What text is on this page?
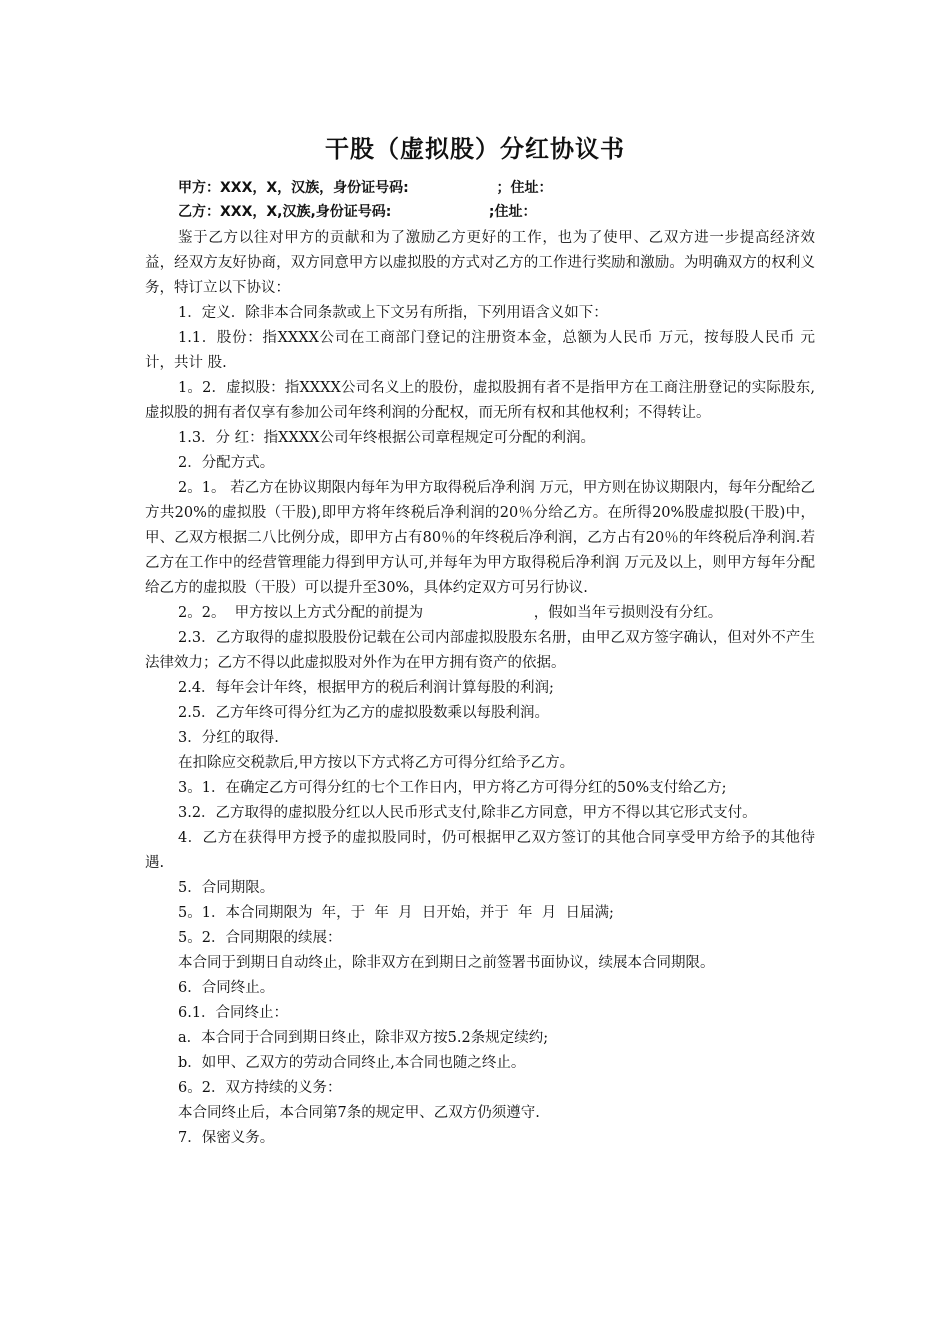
干股（虚拟股）分红协议书
甲方：XXX，X，汉族，身份证号码:                  ；住址：
乙方：XXX，X,汉族,身份证号码:                    ;住址：

鉴于乙方以往对甲方的贡献和为了激励乙方更好的工作，也为了使甲、乙双方进一步提高经济效益，经双方友好协商，双方同意甲方以虚拟股的方式对乙方的工作进行奖励和激励。为明确双方的权利义务，特订立以下协议：

1．定义．除非本合同条款或上下文另有所指，下列用语含义如下：

1.1．股份：指XXXX公司在工商部门登记的注册资本金，总额为人民币 万元，按每股人民币 元计，共计 股.

1。2．虚拟股：指XXXX公司名义上的股份，虚拟股拥有者不是指甲方在工商注册登记的实际股东,虚拟股的拥有者仅享有参加公司年终利润的分配权，而无所有权和其他权利；不得转让。

1.3．分 红：指XXXX公司年终根据公司章程规定可分配的利润。

2．分配方式。

2。1。 若乙方在协议期限内每年为甲方取得税后净利润 万元，甲方则在协议期限内，每年分配给乙方共20%的虚拟股（干股),即甲方将年终税后净利润的20％分给乙方。在所得20%股虚拟股(干股)中，甲、乙双方根据二八比例分成，即甲方占有80％的年终税后净利润，乙方占有20％的年终税后净利润.若乙方在工作中的经营管理能力得到甲方认可,并每年为甲方取得税后净利润 万元及以上，则甲方每年分配给乙方的虚拟股（干股）可以提升至30%，具体约定双方可另行协议.

2。2。  甲方按以上方式分配的前提为                        ，假如当年亏损则没有分红。

2.3．乙方取得的虚拟股股份记载在公司内部虚拟股股东名册，由甲乙双方签字确认，但对外不产生法律效力；乙方不得以此虚拟股对外作为在甲方拥有资产的依据。

2.4．每年会计年终，根据甲方的税后利润计算每股的利润;

2.5．乙方年终可得分红为乙方的虚拟股数乘以每股利润。

3．分红的取得.

在扣除应交税款后,甲方按以下方式将乙方可得分红给予乙方。

3。1．在确定乙方可得分红的七个工作日内，甲方将乙方可得分红的50%支付给乙方;

3.2．乙方取得的虚拟股分红以人民币形式支付,除非乙方同意，甲方不得以其它形式支付。

4．乙方在获得甲方授予的虚拟股同时，仍可根据甲乙双方签订的其他合同享受甲方给予的其他待遇.

5．合同期限。

5。1．本合同期限为  年，于  年  月  日开始，并于  年  月  日届满;

5。2．合同期限的续展：

本合同于到期日自动终止，除非双方在到期日之前签署书面协议，续展本合同期限。

6．合同终止。

6.1．合同终止：

a．本合同于合同到期日终止，除非双方按5.2条规定续约;

b．如甲、乙双方的劳动合同终止,本合同也随之终止。

6。2．双方持续的义务：

本合同终止后，本合同第7条的规定甲、乙双方仍须遵守.

7．保密义务。
